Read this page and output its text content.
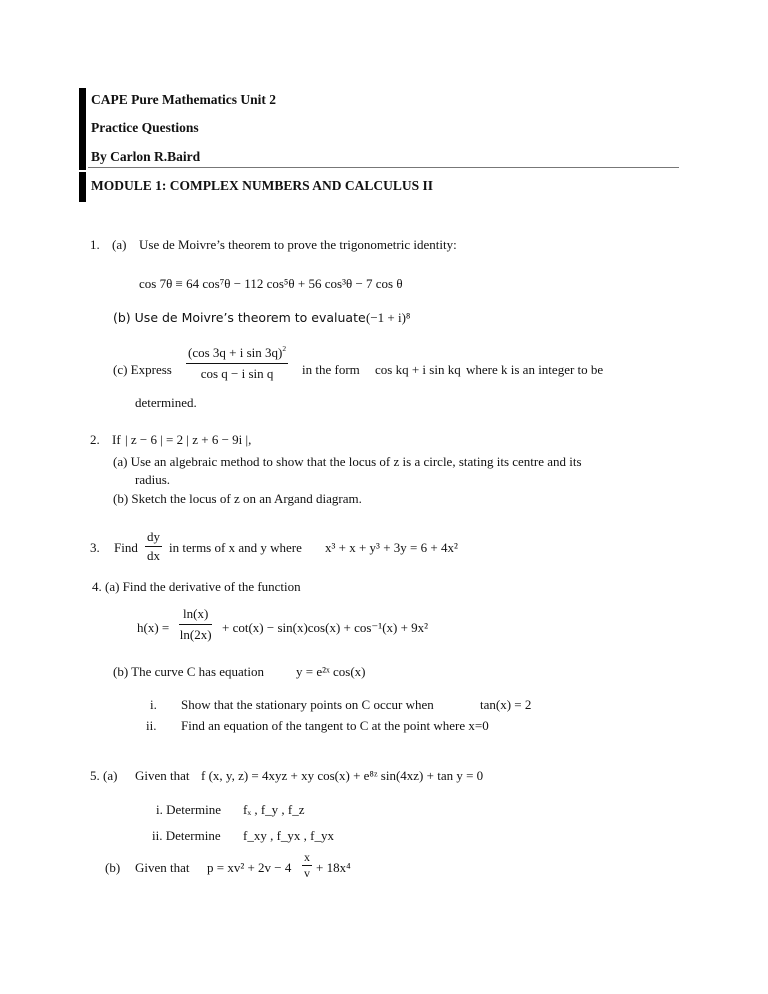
CAPE Pure Mathematics Unit 2
Practice Questions
By Carlon R.Baird
MODULE 1: COMPLEX NUMBERS AND CALCULUS II
1. (a) Use de Moivre’s theorem to prove the trigonometric identity:
cos 7θ ≡ 64 cos⁷θ − 112 cos⁵θ + 56 cos³θ − 7 cos θ
(b) Use de Moivre’s theorem to evaluate (−1 + i)⁸
(c) Express
(cos 3q + i sin 3q)$^2$
cos q − i sin q	in the form cos kq + i sin kq where k is an integer to be
determined.
2. If | z − 6 | = 2 | z + 6 − 9i |,
(a) Use an algebraic method to show that the locus of z is a circle, stating its centre and its
radius.
(b) Sketch the locus of z on an Argand diagram.
3. Find $\frac{dy}{dx}$ in terms of x and y where x³ + x + y³ + 3y = 6 + 4x²
4. (a) Find the derivative of the function
$h(x) = \frac{\ln(x)}{\ln(2x)} + \cot(x) - \sin(x)\cos(x) + \cos^{-1}(x) + 9x^2$
(b) The curve C has equation y = e²ˣ cos(x)
i. Show that the stationary points on C occur when	tan(x) = 2
ii. Find an equation of the tangent to C at the point where x=0
5. (a) Given that f (x, y, z) = 4xyz + xy cos(x) + e⁸ᶻ sin(4xz) + tan y = 0
i. Determine fₓ , f_y , f_z
ii. Determine f_xy , f_yx , f_yx
(b) Given that $p = xv^2 + 2v - 4 \frac{x}{v} + 18x^4$
